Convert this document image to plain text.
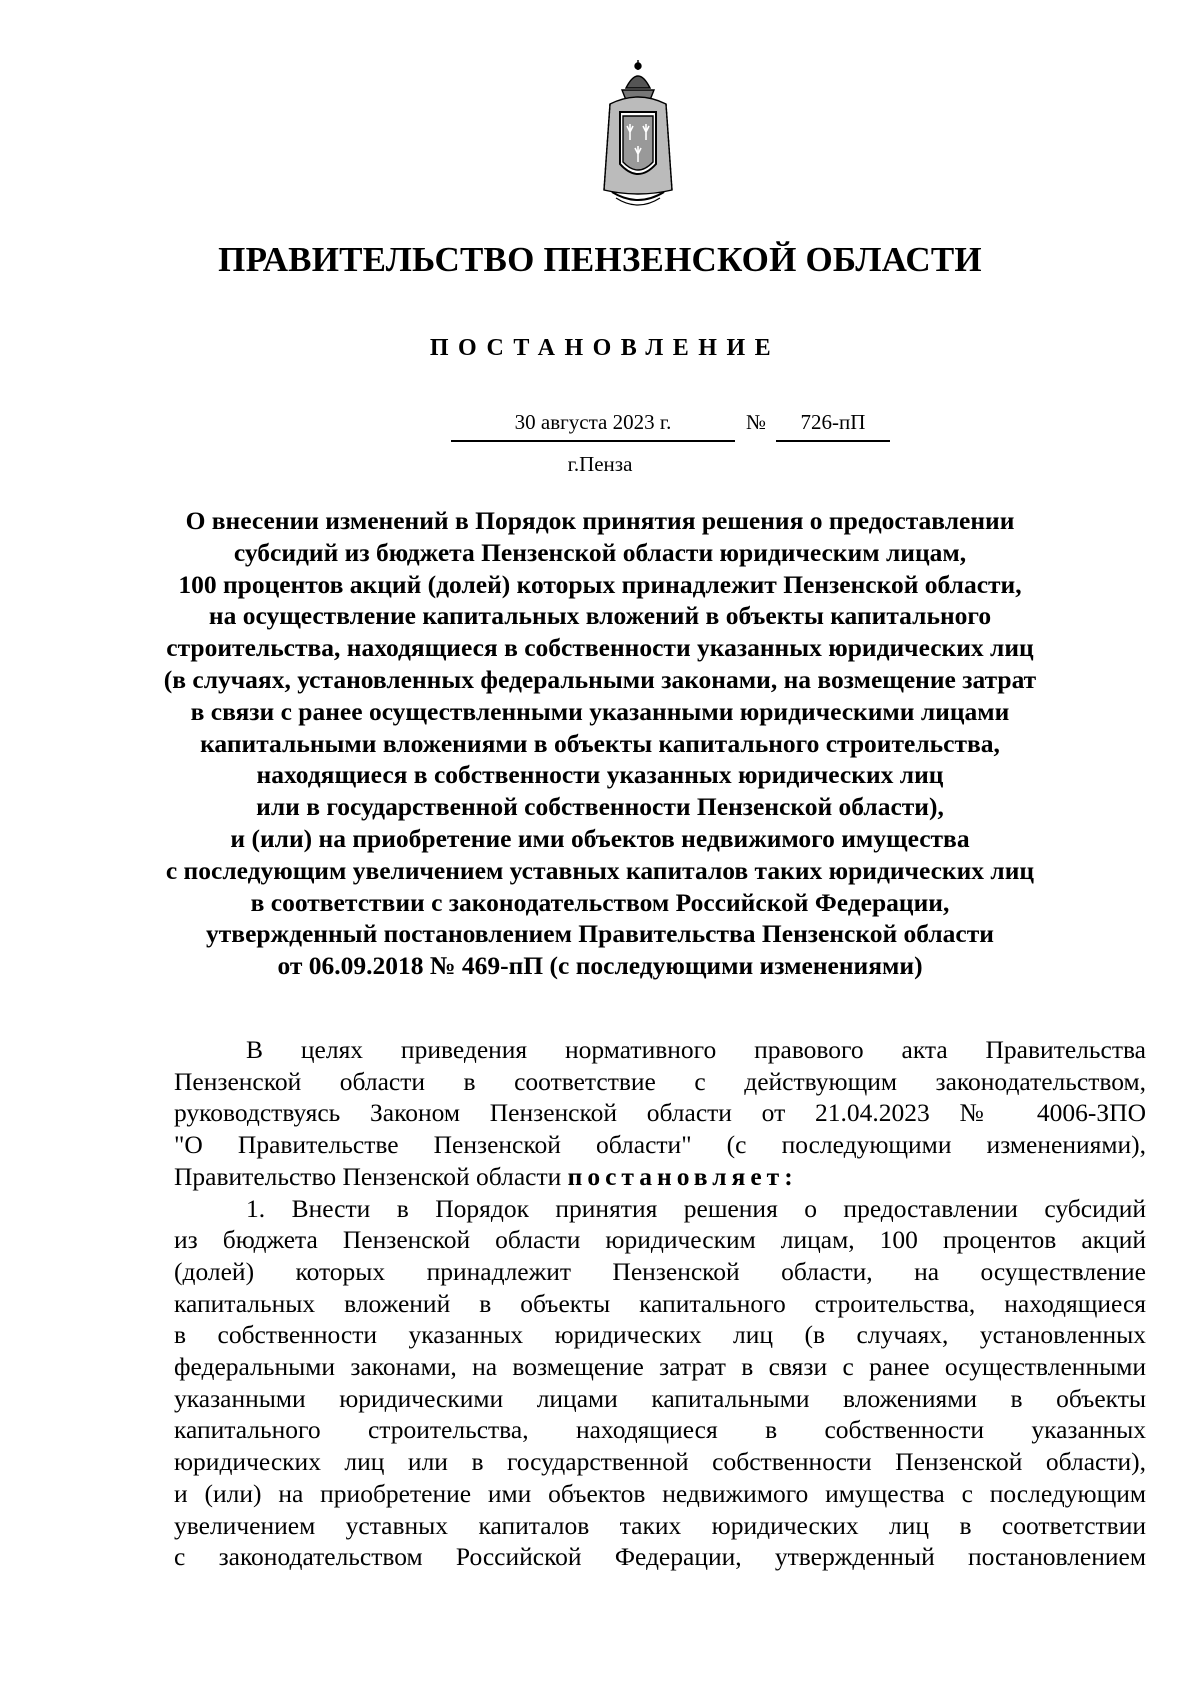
ПРАВИТЕЛЬСТВО ПЕНЗЕНСКОЙ ОБЛАСТИ
ПОСТАНОВЛЕНИЕ
30 августа 2023 г.	№	726-пП
г.Пенза
О внесении изменений в Порядок принятия решения о предоставлении
субсидий из бюджета Пензенской области юридическим лицам,
100 процентов акций (долей) которых принадлежит Пензенской области,
на осуществление капитальных вложений в объекты капитального
строительства, находящиеся в собственности указанных юридических лиц
(в случаях, установленных федеральными законами, на возмещение затрат
в связи с ранее осуществленными указанными юридическими лицами
капитальными вложениями в объекты капитального строительства,
находящиеся в собственности указанных юридических лиц
или в государственной собственности Пензенской области),
и (или) на приобретение ими объектов недвижимого имущества
с последующим увеличением уставных капиталов таких юридических лиц
в соответствии с законодательством Российской Федерации,
утвержденный постановлением Правительства Пензенской области
от 06.09.2018 № 469-пП (с последующими изменениями)
В целях приведения нормативного правового акта Правительства
Пензенской области в соответствие с действующим законодательством,
руководствуясь Законом Пензенской области от 21.04.2023 № 4006-ЗПО
"О Правительстве Пензенской области" (с последующими изменениями),
Правительство Пензенской области постановляет:
1. Внести в Порядок принятия решения о предоставлении субсидий
из бюджета Пензенской области юридическим лицам, 100 процентов акций
(долей) которых принадлежит Пензенской области, на осуществление
капитальных вложений в объекты капитального строительства, находящиеся
в собственности указанных юридических лиц (в случаях, установленных
федеральными законами, на возмещение затрат в связи с ранее осуществленными
указанными юридическими лицами капитальными вложениями в объекты
капитального строительства, находящиеся в собственности указанных
юридических лиц или в государственной собственности Пензенской области),
и (или) на приобретение ими объектов недвижимого имущества с последующим
увеличением уставных капиталов таких юридических лиц в соответствии
с законодательством Российской Федерации, утвержденный постановлением
